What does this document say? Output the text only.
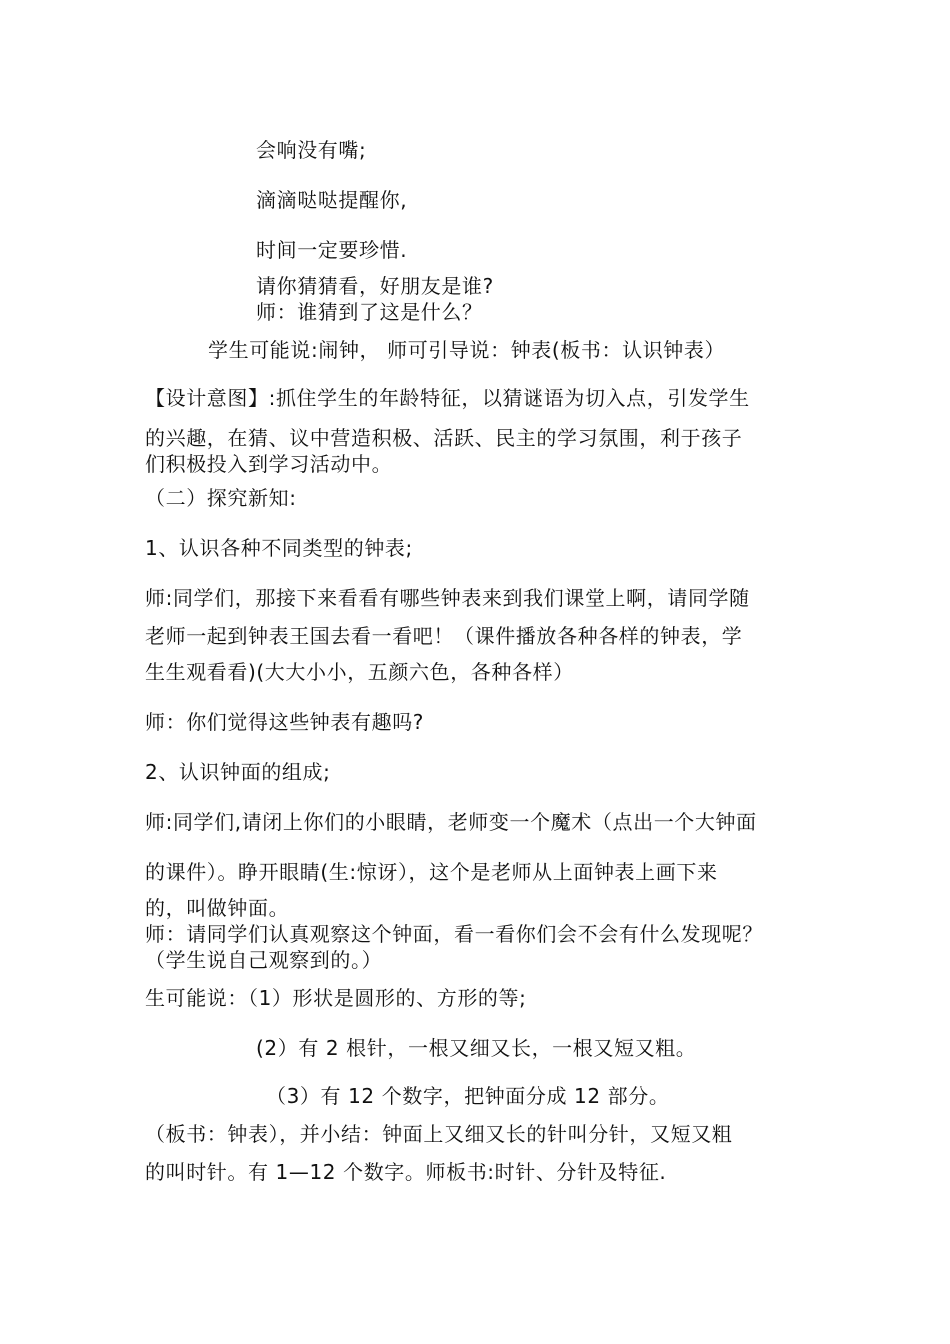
会响没有嘴;
滴滴哒哒提醒你,
时间一定要珍惜.
请你猜猜看，好朋友是谁?
师：谁猜到了这是什么？
学生可能说:闹钟， 师可引导说：钟表(板书：认识钟表）
【设计意图】:抓住学生的年龄特征，以猜谜语为切入点，引发学生
的兴趣，在猜、议中营造积极、活跃、民主的学习氛围，利于孩子
们积极投入到学习活动中。
（二）探究新知:
1、认识各种不同类型的钟表;
师:同学们，那接下来看看有哪些钟表来到我们课堂上啊，请同学随
老师一起到钟表王国去看一看吧！（课件播放各种各样的钟表，学
生生观看看)(大大小小，五颜六色，各种各样）
师：你们觉得这些钟表有趣吗?
2、认识钟面的组成;
师:同学们,请闭上你们的小眼睛，老师变一个魔术（点出一个大钟面
的课件）。睁开眼睛(生:惊讶），这个是老师从上面钟表上画下来
的，叫做钟面。
师：请同学们认真观察这个钟面，看一看你们会不会有什么发现呢？
（学生说自己观察到的。）
生可能说：（1）形状是圆形的、方形的等;
(2）有 2 根针，一根又细又长，一根又短又粗。
（3）有 12 个数字，把钟面分成 12 部分。
（板书：钟表），并小结：钟面上又细又长的针叫分针，又短又粗
的叫时针。有 1—12 个数字。师板书:时针、分针及特征.
